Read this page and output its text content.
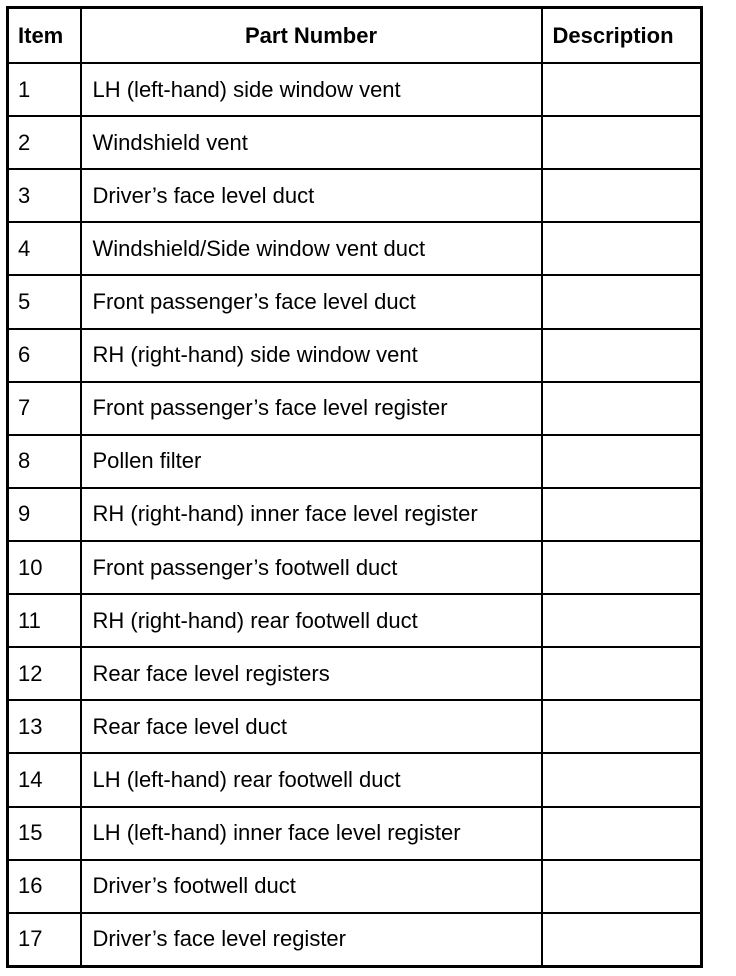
Item	Part Number	Description
1	LH (left-hand) side window vent	
2	Windshield vent	
3	Driver’s face level duct	
4	Windshield/Side window vent duct	
5	Front passenger’s face level duct	
6	RH (right-hand) side window vent	
7	Front passenger’s face level register	
8	Pollen filter	
9	RH (right-hand) inner face level register	
10	Front passenger’s footwell duct	
11	RH (right-hand) rear footwell duct	
12	Rear face level registers	
13	Rear face level duct	
14	LH (left-hand) rear footwell duct	
15	LH (left-hand) inner face level register	
16	Driver’s footwell duct	
17	Driver’s face level register	
